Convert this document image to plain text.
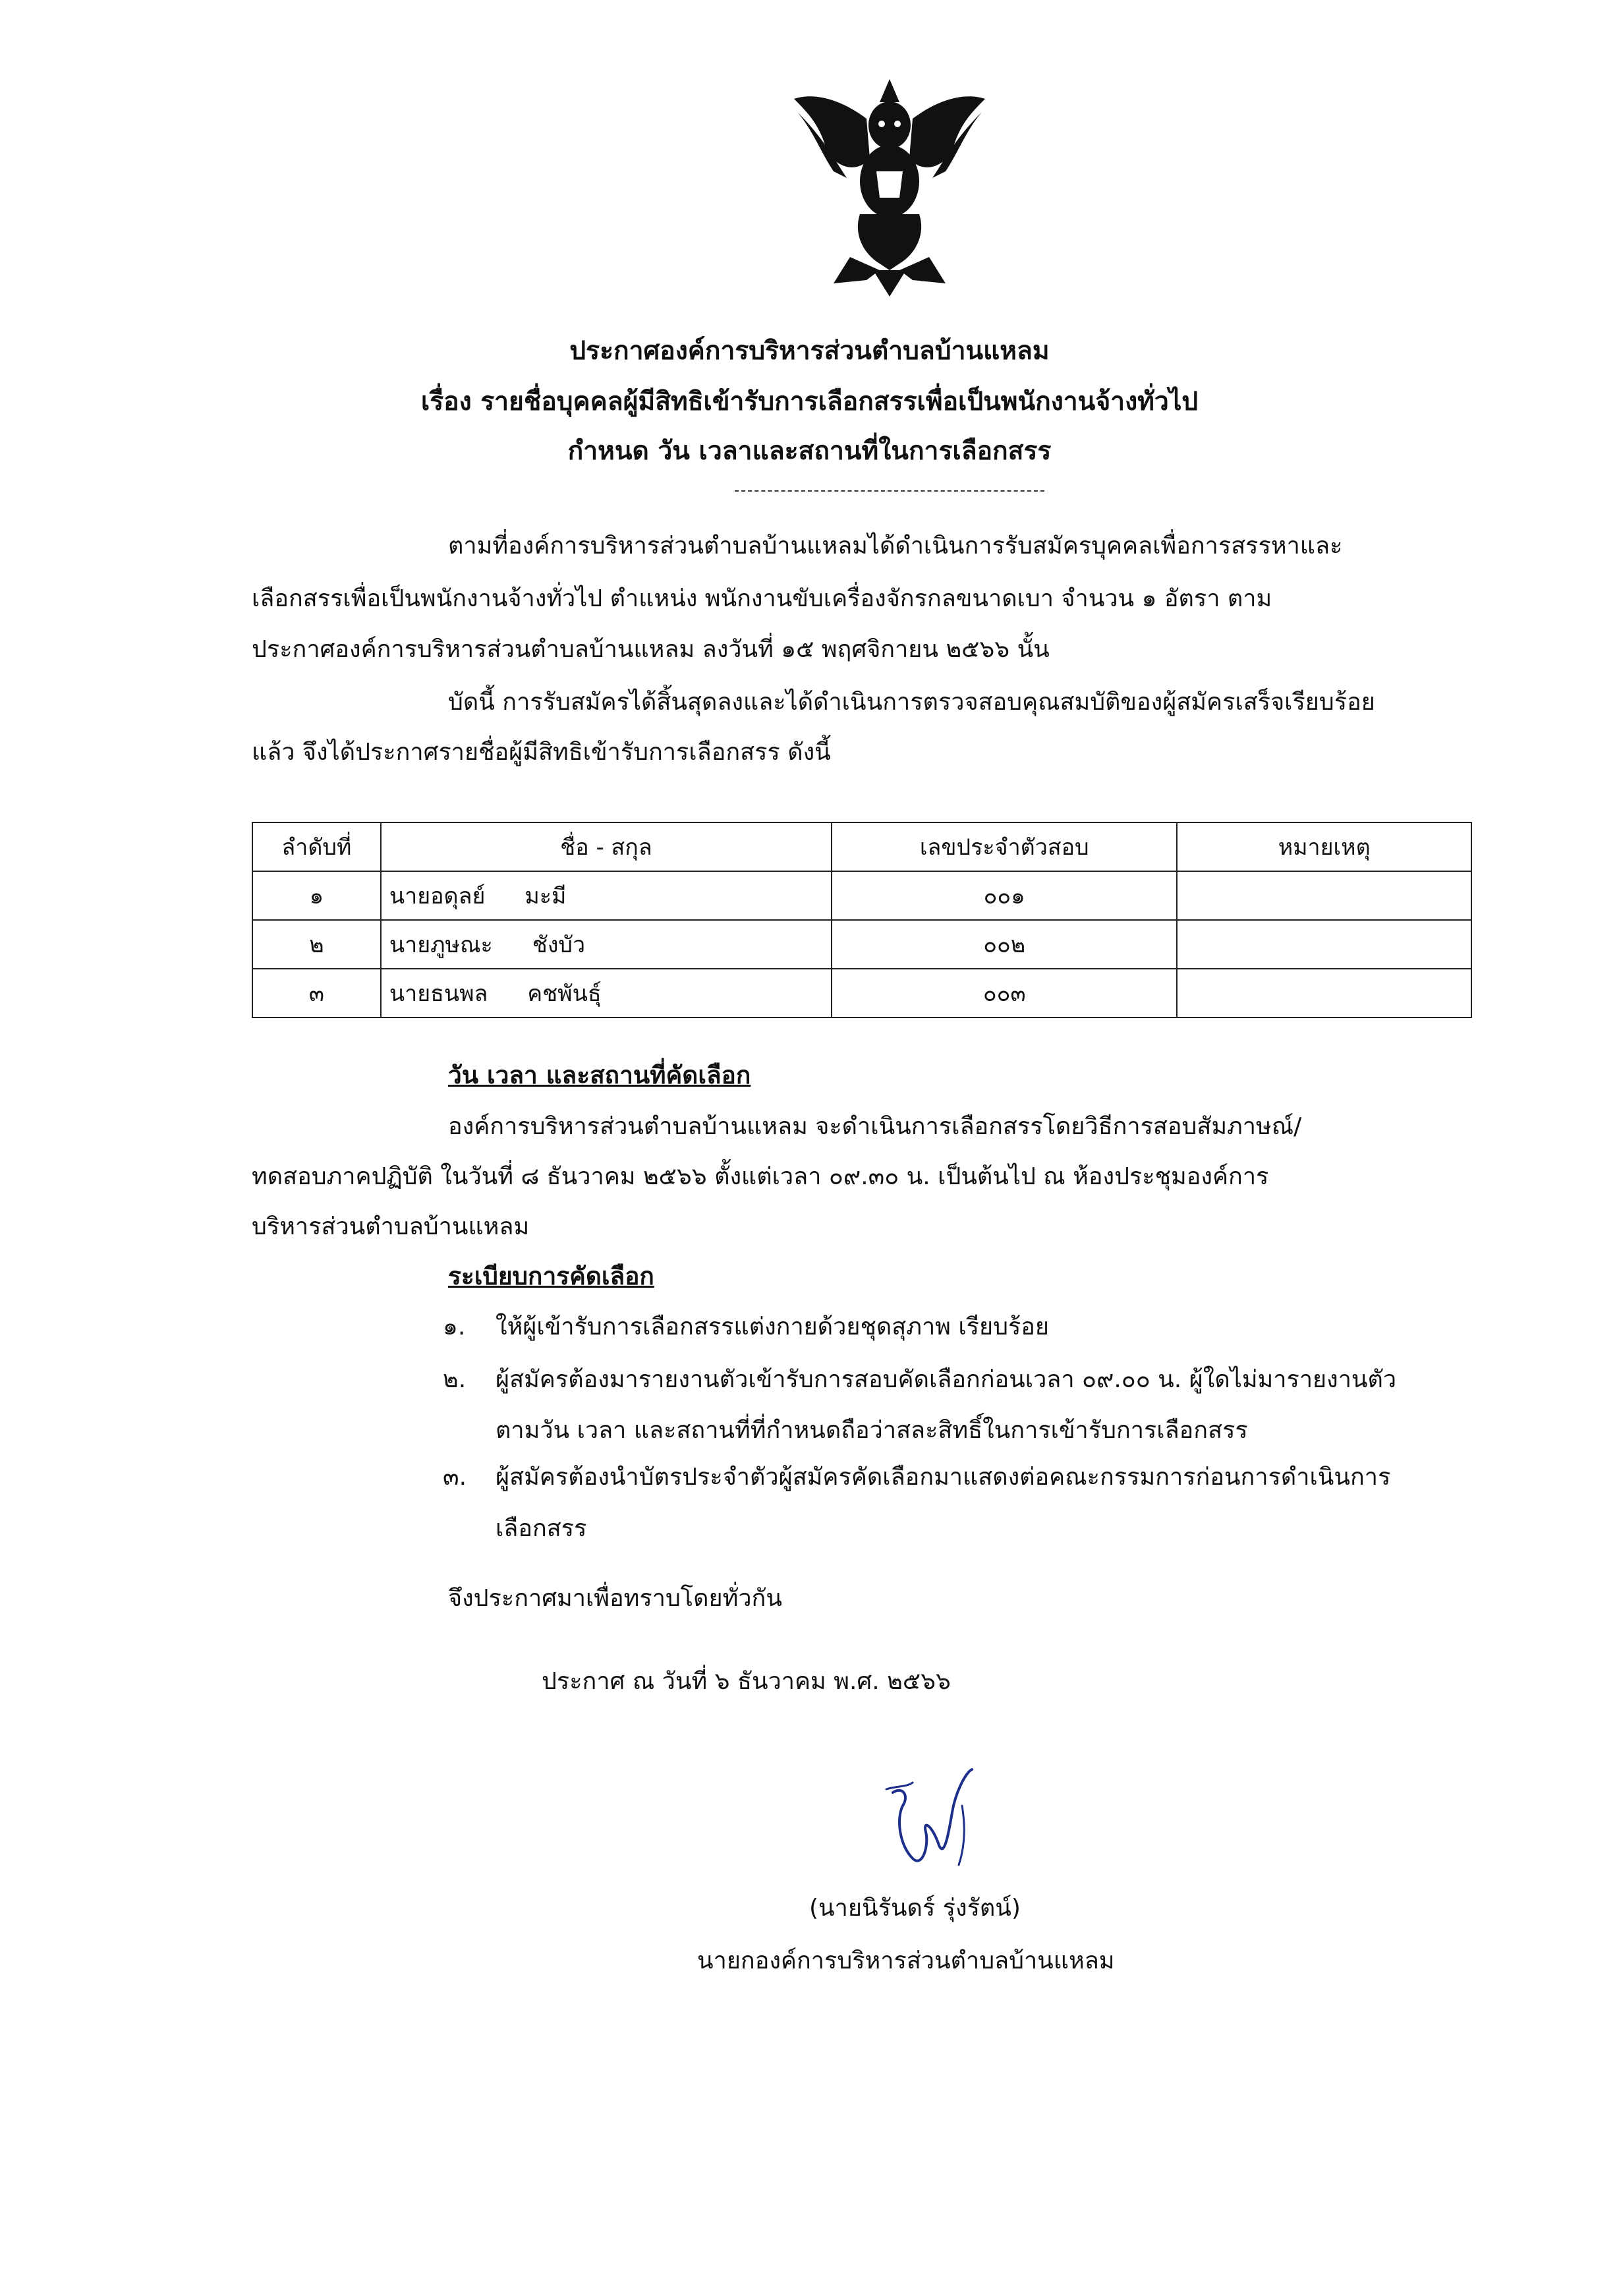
ประกาศองค์การบริหารส่วนตำบลบ้านแหลม
เรื่อง รายชื่อบุคคลผู้มีสิทธิเข้ารับการเลือกสรรเพื่อเป็นพนักงานจ้างทั่วไป
กำหนด วัน เวลาและสถานที่ในการเลือกสรร
ตามที่องค์การบริหารส่วนตำบลบ้านแหลมได้ดำเนินการรับสมัครบุคคลเพื่อการสรรหาและ
เลือกสรรเพื่อเป็นพนักงานจ้างทั่วไป ตำแหน่ง พนักงานขับเครื่องจักรกลขนาดเบา จำนวน ๑ อัตรา ตาม
ประกาศองค์การบริหารส่วนตำบลบ้านแหลม ลงวันที่ ๑๕ พฤศจิกายน ๒๕๖๖ นั้น
บัดนี้ การรับสมัครได้สิ้นสุดลงและได้ดำเนินการตรวจสอบคุณสมบัติของผู้สมัครเสร็จเรียบร้อย
แล้ว จึงได้ประกาศรายชื่อผู้มีสิทธิเข้ารับการเลือกสรร ดังนี้
ลำดับที่	ชื่อ - สกุล	เลขประจำตัวสอบ	หมายเหตุ
๑	นายอดุลย์ มะมี	๐๐๑	
๒	นายภูษณะ ชังบัว	๐๐๒	
๓	นายธนพล คชพันธุ์	๐๐๓	
วัน เวลา และสถานที่คัดเลือก
องค์การบริหารส่วนตำบลบ้านแหลม จะดำเนินการเลือกสรรโดยวิธีการสอบสัมภาษณ์/
ทดสอบภาคปฏิบัติ ในวันที่ ๘ ธันวาคม ๒๕๖๖ ตั้งแต่เวลา ๐๙.๓๐ น. เป็นต้นไป ณ ห้องประชุมองค์การ
บริหารส่วนตำบลบ้านแหลม
ระเบียบการคัดเลือก
๑. ให้ผู้เข้ารับการเลือกสรรแต่งกายด้วยชุดสุภาพ เรียบร้อย
๒. ผู้สมัครต้องมารายงานตัวเข้ารับการสอบคัดเลือกก่อนเวลา ๐๙.๐๐ น. ผู้ใดไม่มารายงานตัว
ตามวัน เวลา และสถานที่ที่กำหนดถือว่าสละสิทธิ์ในการเข้ารับการเลือกสรร
๓. ผู้สมัครต้องนำบัตรประจำตัวผู้สมัครคัดเลือกมาแสดงต่อคณะกรรมการก่อนการดำเนินการ
เลือกสรร
จึงประกาศมาเพื่อทราบโดยทั่วกัน
ประกาศ ณ วันที่ ๖ ธันวาคม พ.ศ. ๒๕๖๖
(นายนิรันดร์ รุ่งรัตน์)
นายกองค์การบริหารส่วนตำบลบ้านแหลม
